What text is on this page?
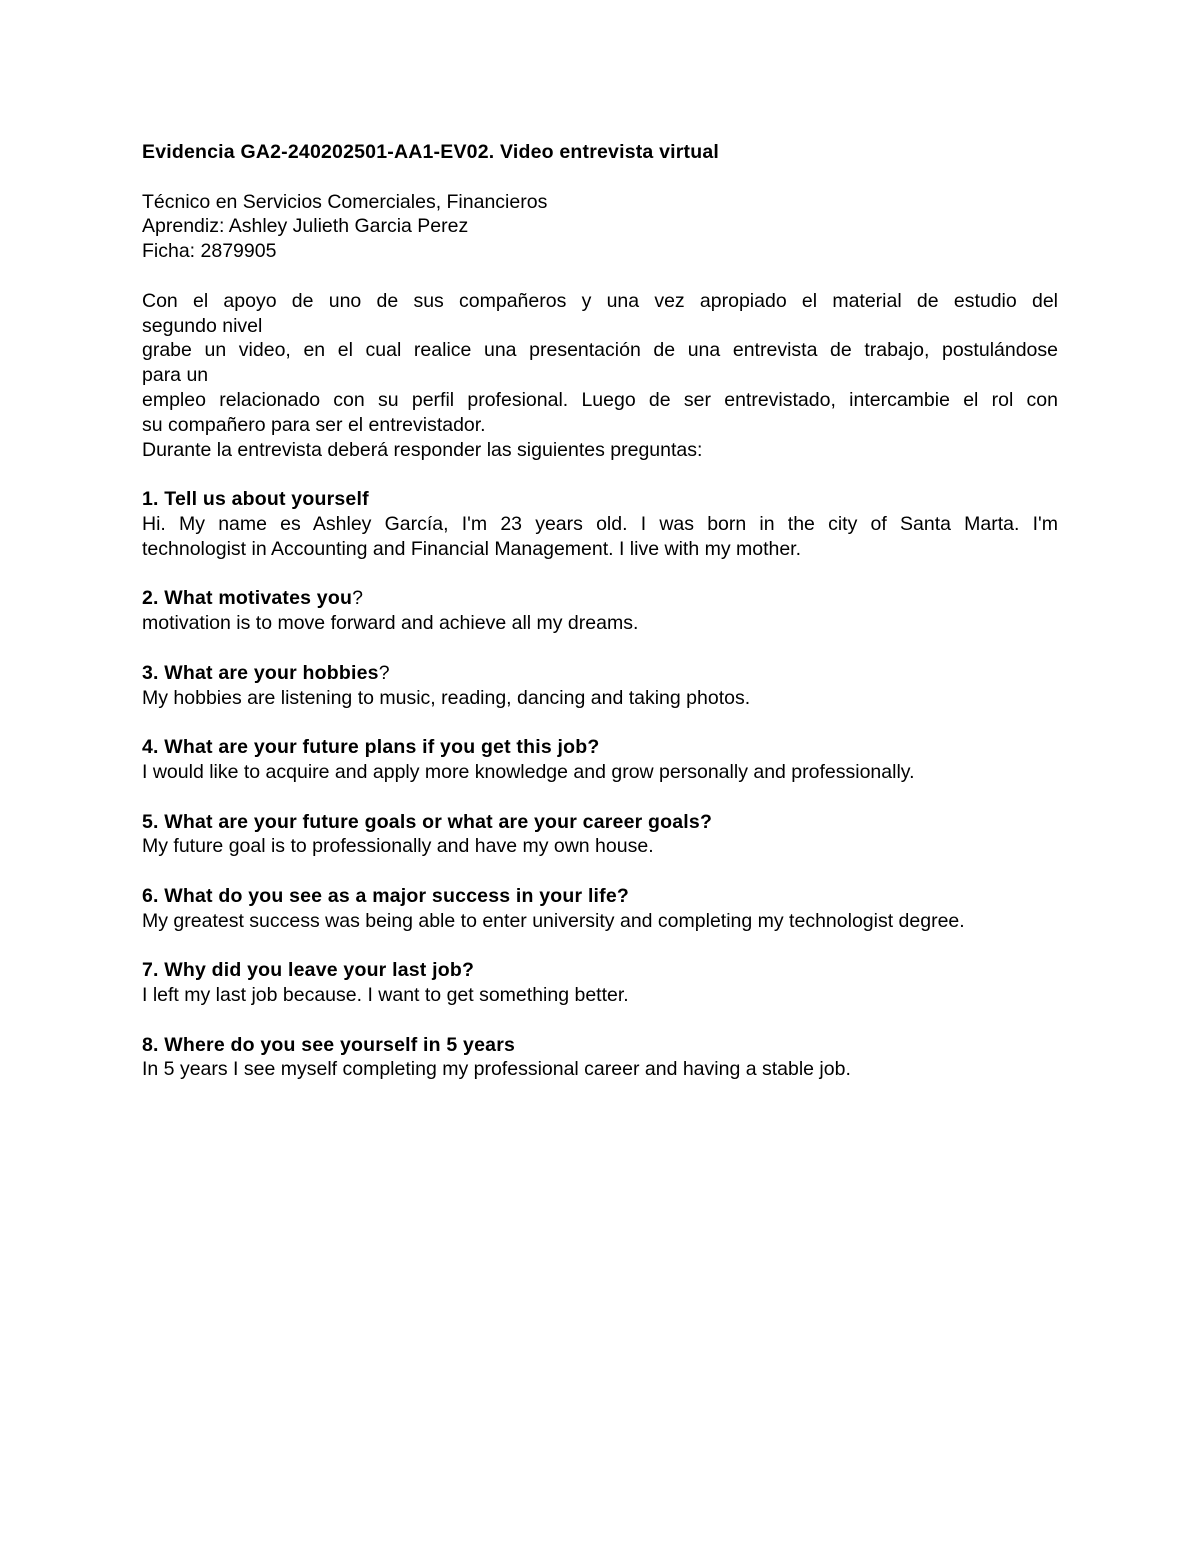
Evidencia GA2-240202501-AA1-EV02. Video entrevista virtual
Técnico en Servicios Comerciales, Financieros
Aprendiz: Ashley Julieth Garcia Perez
Ficha: 2879905
Con el apoyo de uno de sus compañeros y una vez apropiado el material de estudio del
segundo nivel
grabe un video, en el cual realice una presentación de una entrevista de trabajo, postulándose
para un
empleo relacionado con su perfil profesional. Luego de ser entrevistado, intercambie el rol con
su compañero para ser el entrevistador.
Durante la entrevista deberá responder las siguientes preguntas:
1. Tell us about yourself
Hi. My name es Ashley García, I'm 23 years old. I was born in the city of Santa Marta. I'm
technologist in Accounting and Financial Management. I live with my mother.
2. What motivates you?
motivation is to move forward and achieve all my dreams.
3. What are your hobbies?
My hobbies are listening to music, reading, dancing and taking photos.
4. What are your future plans if you get this job?
I would like to acquire and apply more knowledge and grow personally and professionally.
5. What are your future goals or what are your career goals?
My future goal is to professionally and have my own house.
6. What do you see as a major success in your life?
My greatest success was being able to enter university and completing my technologist degree.
7. Why did you leave your last job?
I left my last job because. I want to get something better.
8. Where do you see yourself in 5 years
In 5 years I see myself completing my professional career and having a stable job.
